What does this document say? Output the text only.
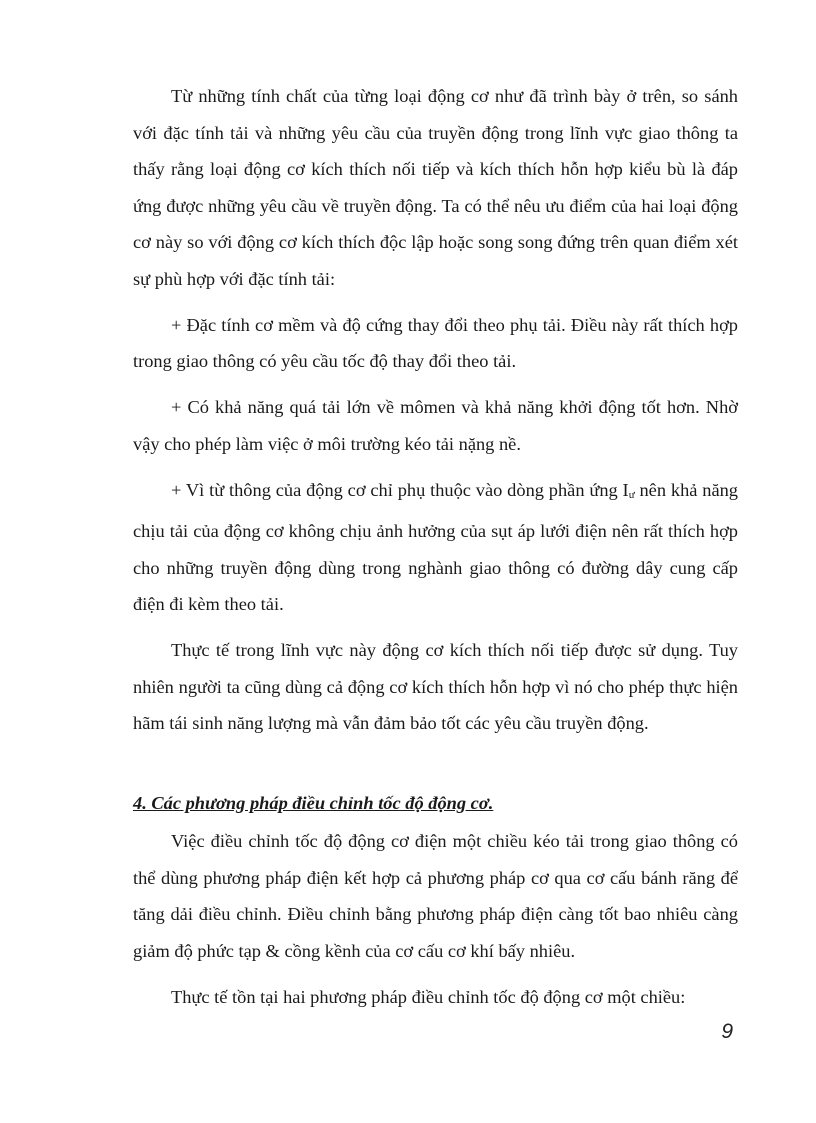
Từ những tính chất của từng loại động cơ như đã trình bày ở trên, so sánh với đặc tính tải và những yêu cầu của truyền động trong lĩnh vực giao thông ta thấy rằng loại động cơ kích thích nối tiếp và kích thích hỗn hợp kiểu bù là đáp ứng được những yêu cầu về truyền động. Ta có thể nêu ưu điểm của hai loại động cơ này so với động cơ kích thích độc lập hoặc song song đứng trên quan điểm xét sự phù hợp với đặc tính tải:

+ Đặc tính cơ mềm và độ cứng thay đổi theo phụ tải. Điều này rất thích hợp trong giao thông có yêu cầu tốc độ thay đổi theo tải.

+ Có khả năng quá tải lớn về mômen và khả năng khởi động tốt hơn. Nhờ vậy cho phép làm việc ở môi trường kéo tải nặng nề.

+ Vì từ thông của động cơ chỉ phụ thuộc vào dòng phần ứng $I_ư$ nên khả năng chịu tải của động cơ không chịu ảnh hưởng của sụt áp lưới điện nên rất thích hợp cho những truyền động dùng trong nghành giao thông có đường dây cung cấp điện đi kèm theo tải.

Thực tế trong lĩnh vực này động cơ kích thích nối tiếp được sử dụng. Tuy nhiên người ta cũng dùng cả động cơ kích thích hỗn hợp vì nó cho phép thực hiện hãm tái sinh năng lượng mà vẫn đảm bảo tốt các yêu cầu truyền động.

4. Các phương pháp điều chỉnh tốc độ động cơ.

Việc điều chỉnh tốc độ động cơ điện một chiều kéo tải trong giao thông có thể dùng phương pháp điện kết hợp cả phương pháp cơ qua cơ cấu bánh răng để tăng dải điều chỉnh. Điều chỉnh bằng phương pháp điện càng tốt bao nhiêu càng giảm độ phức tạp & cồng kềnh của cơ cấu cơ khí bấy nhiêu.

Thực tế tồn tại hai phương pháp điều chỉnh tốc độ động cơ một chiều:

9
